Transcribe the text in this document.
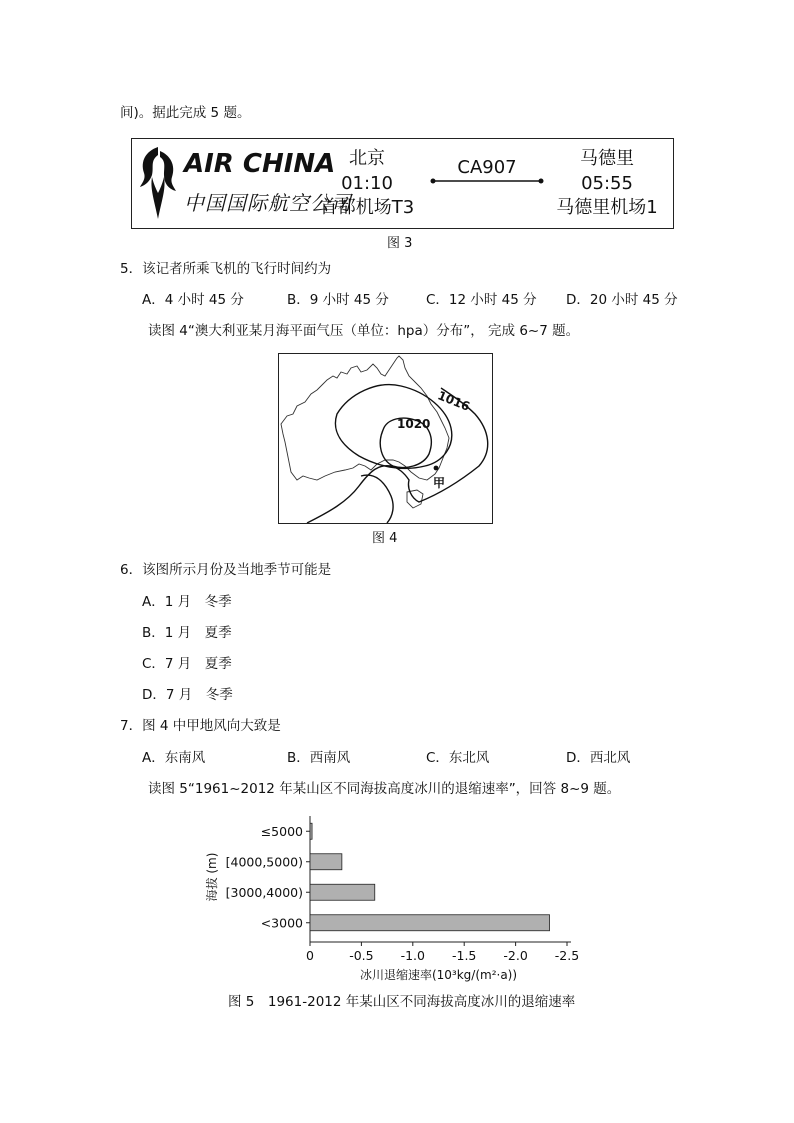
间)。据此完成 5 题。
AIR CHINA
中国国际航空公司
北京
01:10
首都机场T3
CA907	马德里
05:55
马德里机场1
图 3
5．该记者所乘飞机的飞行时间约为
A．4 小时 45 分	B．9 小时 45 分	C．12 小时 45 分 D．20 小时 45 分
读图 4“澳大利亚某月海平面气压（单位：hpa）分布”， 完成 6~7 题。
1016
1020
甲
图 4
6．该图所示月份及当地季节可能是
A．1 月　冬季
B．1 月　夏季
C．7 月　夏季
D．7 月　冬季
7．图 4 中甲地风向大致是
A．东南风	B．西南风	C．东北风	D．西北风
读图 5“1961~2012 年某山区不同海拔高度冰川的退缩速率”，回答 8~9 题。
≤5000
[4000,5000)
[3000,4000)
<3000
0	-0.5 -1.0 -1.5 -2.0 -2.5
冰川退缩速率(10³kg/(m²·a))
海拔 (m)
图 5　1961-2012 年某山区不同海拔高度冰川的退缩速率
